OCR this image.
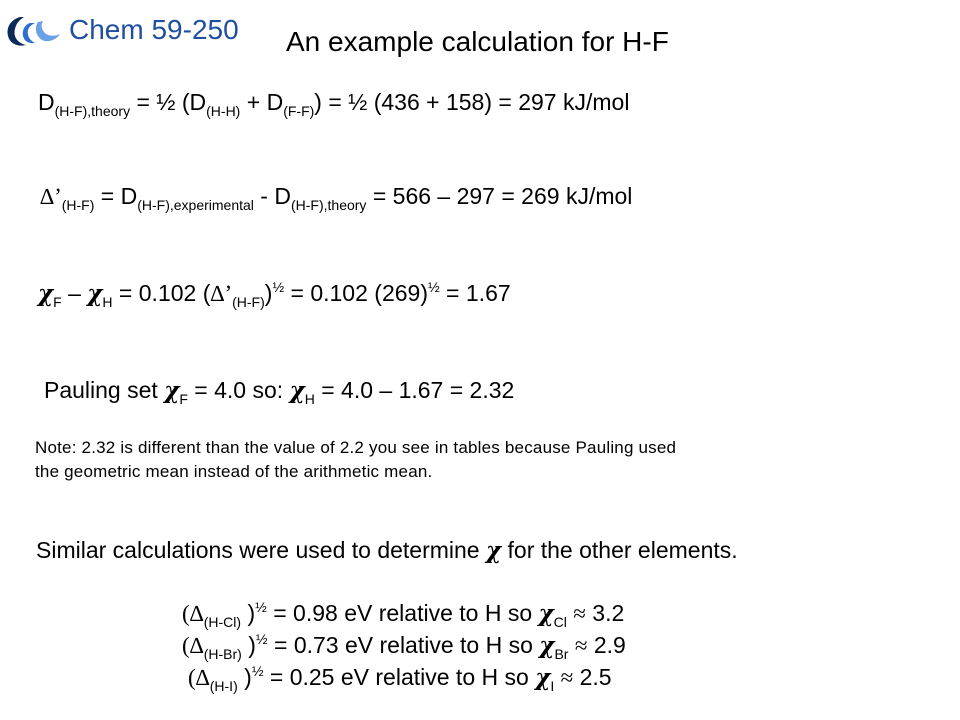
Chem 59-250 An example calculation for H-F
$D_{(H-F),theory}$ = ½ $(D_{(H-H)} + D_{(F-F)})$ = ½ (436 + 158) = 297 kJ/mol
$\Delta’_{(H-F)} = D_{(H-F),experimental} - D_{(H-F),theory} = 566 - 297 = 269$ kJ/mol
$\chi_F - \chi_H = 0.102$ $(\Delta’_{(H-F)})^{\frac{1}{2}} = 0.102$ $(269)^{\frac{1}{2}} = 1.67$
Pauling set $\chi_F = 4.0$ so: $\chi_H = 4.0 - 1.67 = 2.32$
Note: 2.32 is different than the value of 2.2 you see in tables because Pauling used
the geometric mean instead of the arithmetic mean.
Similar calculations were used to determine χ for the other elements.
($\Delta_{(H-Cl)}$ )$^{\frac{1}{2}}$ = 0.98 eV relative to H so $\chi_{Cl} \approx 3.2$
($\Delta_{(H-Br)}$ )$^{\frac{1}{2}}$ = 0.73 eV relative to H so $\chi_{Br} \approx 2.9$
($\Delta_{(H-I)}$ )$^{\frac{1}{2}}$ = 0.25 eV relative to H so $\chi_I \approx 2.5$
